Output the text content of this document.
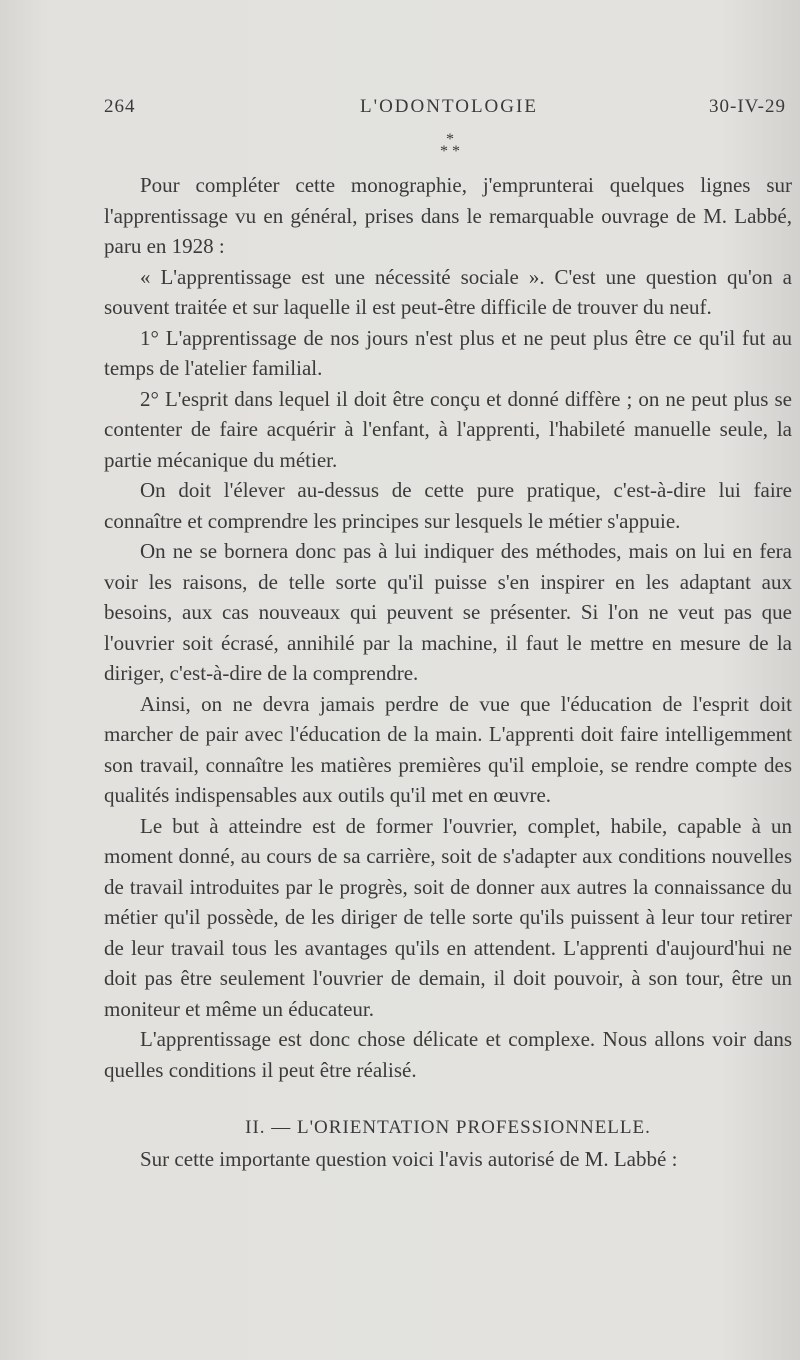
264	L'ODONTOLOGIE	30-IV-29
*
* *

Pour compléter cette monographie, j'emprunterai quelques lignes sur l'apprentissage vu en général, prises dans le remarquable ouvrage de M. Labbé, paru en 1928 :

« L'apprentissage est une nécessité sociale ». C'est une question qu'on a souvent traitée et sur laquelle il est peut-être difficile de trouver du neuf.

1° L'apprentissage de nos jours n'est plus et ne peut plus être ce qu'il fut au temps de l'atelier familial.

2° L'esprit dans lequel il doit être conçu et donné diffère ; on ne peut plus se contenter de faire acquérir à l'enfant, à l'apprenti, l'habileté manuelle seule, la partie mécanique du métier.

On doit l'élever au-dessus de cette pure pratique, c'est-à-dire lui faire connaître et comprendre les principes sur lesquels le métier s'appuie.

On ne se bornera donc pas à lui indiquer des méthodes, mais on lui en fera voir les raisons, de telle sorte qu'il puisse s'en inspirer en les adaptant aux besoins, aux cas nouveaux qui peuvent se présenter. Si l'on ne veut pas que l'ouvrier soit écrasé, annihilé par la machine, il faut le mettre en mesure de la diriger, c'est-à-dire de la comprendre.

Ainsi, on ne devra jamais perdre de vue que l'éducation de l'esprit doit marcher de pair avec l'éducation de la main. L'apprenti doit faire intelligemment son travail, connaître les matières premières qu'il emploie, se rendre compte des qualités indispensables aux outils qu'il met en œuvre.

Le but à atteindre est de former l'ouvrier, complet, habile, capable à un moment donné, au cours de sa carrière, soit de s'adapter aux conditions nouvelles de travail introduites par le progrès, soit de donner aux autres la connaissance du métier qu'il possède, de les diriger de telle sorte qu'ils puissent à leur tour retirer de leur travail tous les avantages qu'ils en attendent. L'apprenti d'aujourd'hui ne doit pas être seulement l'ouvrier de demain, il doit pouvoir, à son tour, être un moniteur et même un éducateur.

L'apprentissage est donc chose délicate et complexe. Nous allons voir dans quelles conditions il peut être réalisé.

II. — L'ORIENTATION PROFESSIONNELLE.

Sur cette importante question voici l'avis autorisé de M. Labbé :
